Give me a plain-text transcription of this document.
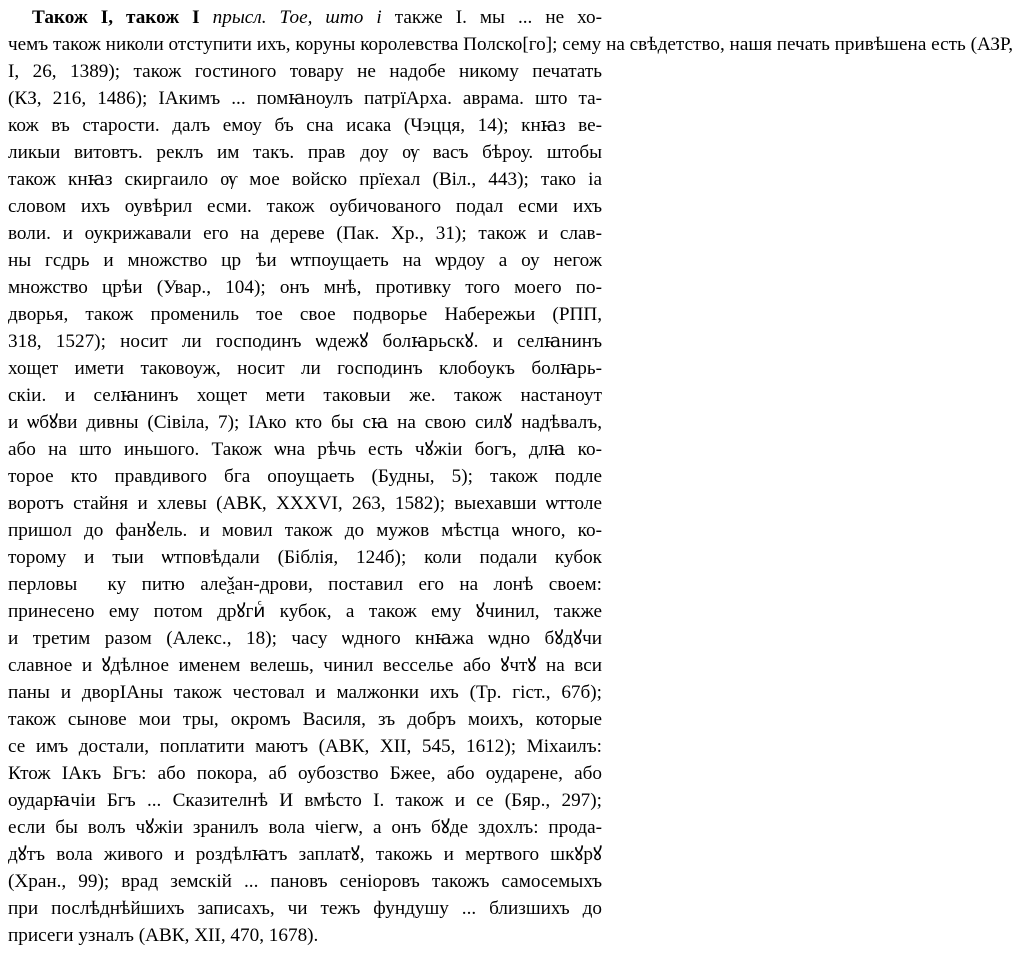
Також І, також І прысл. Тое, што і также І. мы ... не хо-
чемъ також николи отступити ихъ, коруны королевства Полско[го]; сему на свѣдетство, нашя печать привѣшена есть (АЗР,
І, 26, 1389); також гостиного товару не надобе никому печатать
(КЗ, 216, 1486); ІАкимъ ... помꙗноулъ патрїАрха. аврама. што та-
кож въ старости. далъ емоу бъ сна исака (Чэцця, 14); кнꙗз ве-
ликыи витовтъ. реклъ им такъ. правⷭдоу ѹ васъ бѣроу. штобы
також кнꙗз скиргаило ѹ мое войско прїехал (Віл., 443); тако іа
словом ихъ оувѣрил есми. також оубичованого подал есми ихъ
воли. и оукрижавали его на дереве (Пак. Хр., 31); також и слав-
ны гсдрь и множство црⷭѣи ѡтпоущаеть на ѡрдоу а оу негож
множство црѣи (Увар., 104); онъ мнѣ, противку того моего по-
дворья, також промениль тое свое подворье Набережьи (РПП,
318, 1527); носит ли господинъ ѡдежꙋ болꙗрьскꙋ. и селꙗнинъ
хощет имети таковоуж, носит ли господинъ клобоукъ болꙗрь-
скіи. и селꙗнинъ хощет мети таковыи же. також настаноут
и ѡбꙋви дивны (Сівіла, 7); ІАко кто бы сꙗ на свою силꙋ надѣвалъ,
або на што иньшого. Також ѡна рѣчь есть чꙋжіи богъ, длꙗ ко-
торое кто правдивого бга опоущаеть (Будны, 5); також подле
воротъ стайня и хлевы (АВК, XXXVI, 263, 1582); выехавши ѡттоле
пришол до фанꙋель. и мовил також до мужов мѣстца ѡного, ко-
торому и тыи ѡтповѣдали (Біблія, 124б); коли подали кубок
перловыⷭ ку питю алеѯан-дрови, поставил его на лонѣ своем:
принесено ему потом дрꙋгиⷭ кубок, а також ему ꙋчинил, также
и третим разом (Алекс., 18); часу ѡдного кнꙗжа ѡдно бꙋдꙋчи
славное и ꙋдѣлное именем велешь, чинил весселье або ꙋчтꙋ на вси
паны и дворІАны також честовал и малжонки ихъ (Тр. гіст., 67б);
також сынове мои тры, окромъ Василя, зъ добръ моихъ, которые
се имъ достали, поплатити маютъ (АВК, XII, 545, 1612); Міхаилъ:
Ктож ІАкъ Бгъ: або покора, аб оубозство Бжее, або оударене, або
оударꙗчіи Бгъ ... Сказителнѣ И вмѣсто І. також и се (Бяр., 297);
если бы волъ чꙋжіи зранилъ вола чіегѡ, а онъ бꙋде здохлъ: прода-
дꙋтъ вола живого и роздѣлꙗтъ заплатꙋ, такожь и мертвого шкꙋрꙋ
(Хран., 99); врад земскій ... пановъ сеніоровъ такожъ самосемыхъ
при послѣднѣйшихъ записахъ, чи тежъ фундушу ... близшихъ до
присеги узналъ (АВК, XII, 470, 1678).
